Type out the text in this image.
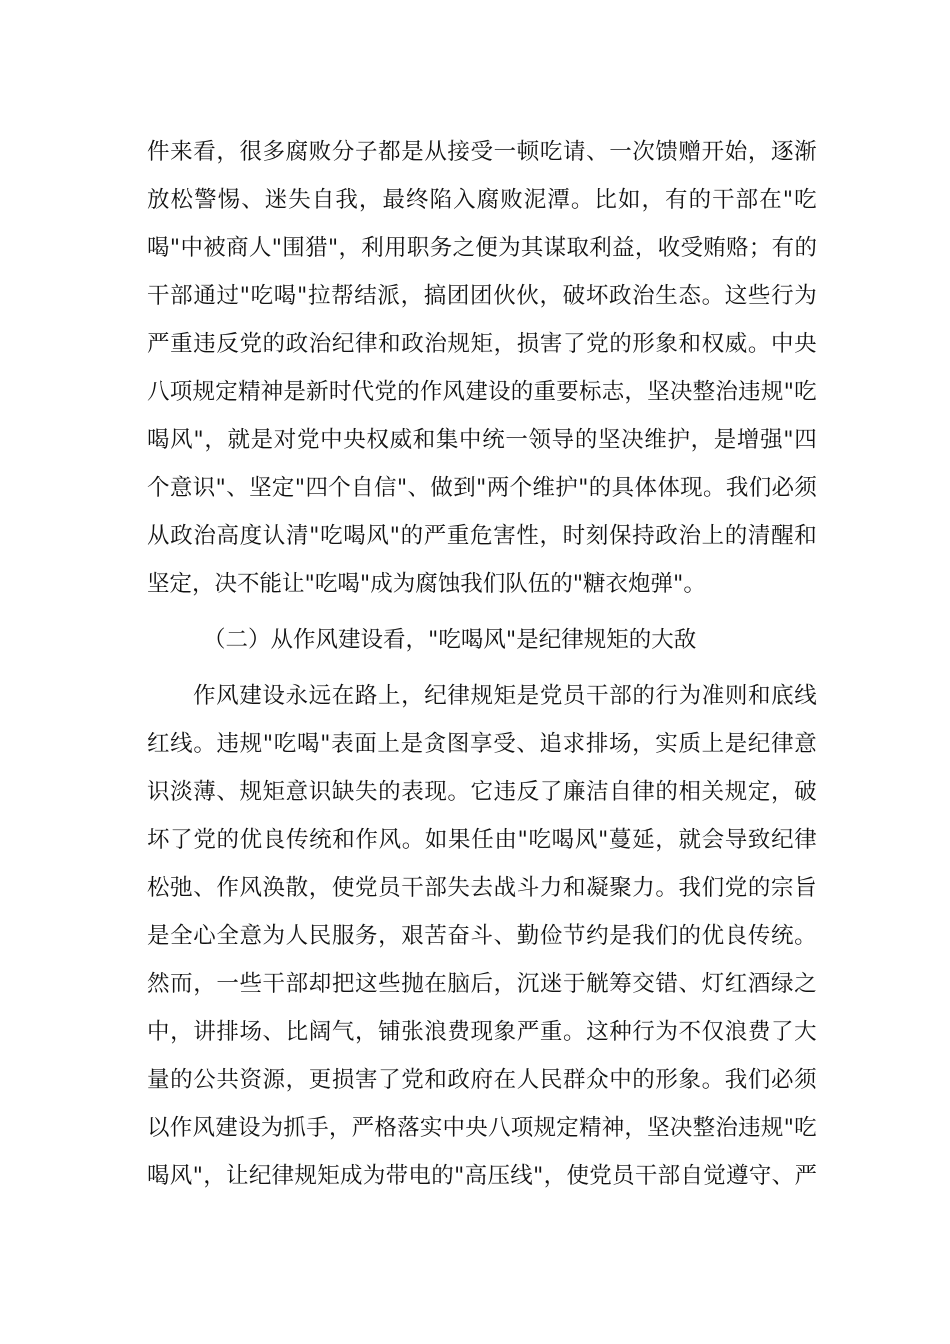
件 来 看 ， 很 多 腐 败 分 子 都 是 从 接 受 一 顿 吃 请 、 一 次 馈 赠 开 始 ， 逐 渐
放 松 警 惕 、 迷 失 自 我 ， 最 终 陷 入 腐 败 泥 潭 。 比 如 ， 有 的 干 部 在 " 吃
喝 " 中 被 商 人 " 围 猎 " ， 利 用 职 务 之 便 为 其 谋 取 利 益 ， 收 受 贿 赂 ； 有 的
干 部 通 过 " 吃 喝 " 拉 帮 结 派 ， 搞 团 团 伙 伙 ， 破 坏 政 治 生 态 。 这 些 行 为
严 重 违 反 党 的 政 治 纪 律 和 政 治 规 矩 ， 损 害 了 党 的 形 象 和 权 威 。 中 央
八 项 规 定 精 神 是 新 时 代 党 的 作 风 建 设 的 重 要 标 志 ， 坚 决 整 治 违 规 " 吃
喝 风 " ， 就 是 对 党 中 央 权 威 和 集 中 统 一 领 导 的 坚 决 维 护 ， 是 增 强 " 四
个 意 识 " 、 坚 定 " 四 个 自 信 " 、 做 到 " 两 个 维 护 " 的 具 体 体 现 。 我 们 必 须
从 政 治 高 度 认 清 " 吃 喝 风 " 的 严 重 危 害 性 ， 时 刻 保 持 政 治 上 的 清 醒 和
坚定，决不能让"吃喝"成为腐蚀我们队伍的"糖衣炮弹"。
（二）从作风建设看，"吃喝风"是纪律规矩的大敌
作 风 建 设 永 远 在 路 上 ， 纪 律 规 矩 是 党 员 干 部 的 行 为 准 则 和 底 线
红 线 。 违 规 " 吃 喝 " 表 面 上 是 贪 图 享 受 、 追 求 排 场 ， 实 质 上 是 纪 律 意
识 淡 薄 、 规 矩 意 识 缺 失 的 表 现 。 它 违 反 了 廉 洁 自 律 的 相 关 规 定 ， 破
坏 了 党 的 优 良 传 统 和 作 风 。 如 果 任 由 " 吃 喝 风 " 蔓 延 ， 就 会 导 致 纪 律
松 弛 、 作 风 涣 散 ， 使 党 员 干 部 失 去 战 斗 力 和 凝 聚 力 。 我 们 党 的 宗 旨
是 全 心 全 意 为 人 民 服 务 ， 艰 苦 奋 斗 、 勤 俭 节 约 是 我 们 的 优 良 传 统 。
然 而 ， 一 些 干 部 却 把 这 些 抛 在 脑 后 ， 沉 迷 于 觥 筹 交 错 、 灯 红 酒 绿 之
中 ， 讲 排 场 、 比 阔 气 ， 铺 张 浪 费 现 象 严 重 。 这 种 行 为 不 仅 浪 费 了 大
量 的 公 共 资 源 ， 更 损 害 了 党 和 政 府 在 人 民 群 众 中 的 形 象 。 我 们 必 须
以 作 风 建 设 为 抓 手 ， 严 格 落 实 中 央 八 项 规 定 精 神 ， 坚 决 整 治 违 规 " 吃
喝 风 " ， 让 纪 律 规 矩 成 为 带 电 的 " 高 压 线 " ， 使 党 员 干 部 自 觉 遵 守 、 严
